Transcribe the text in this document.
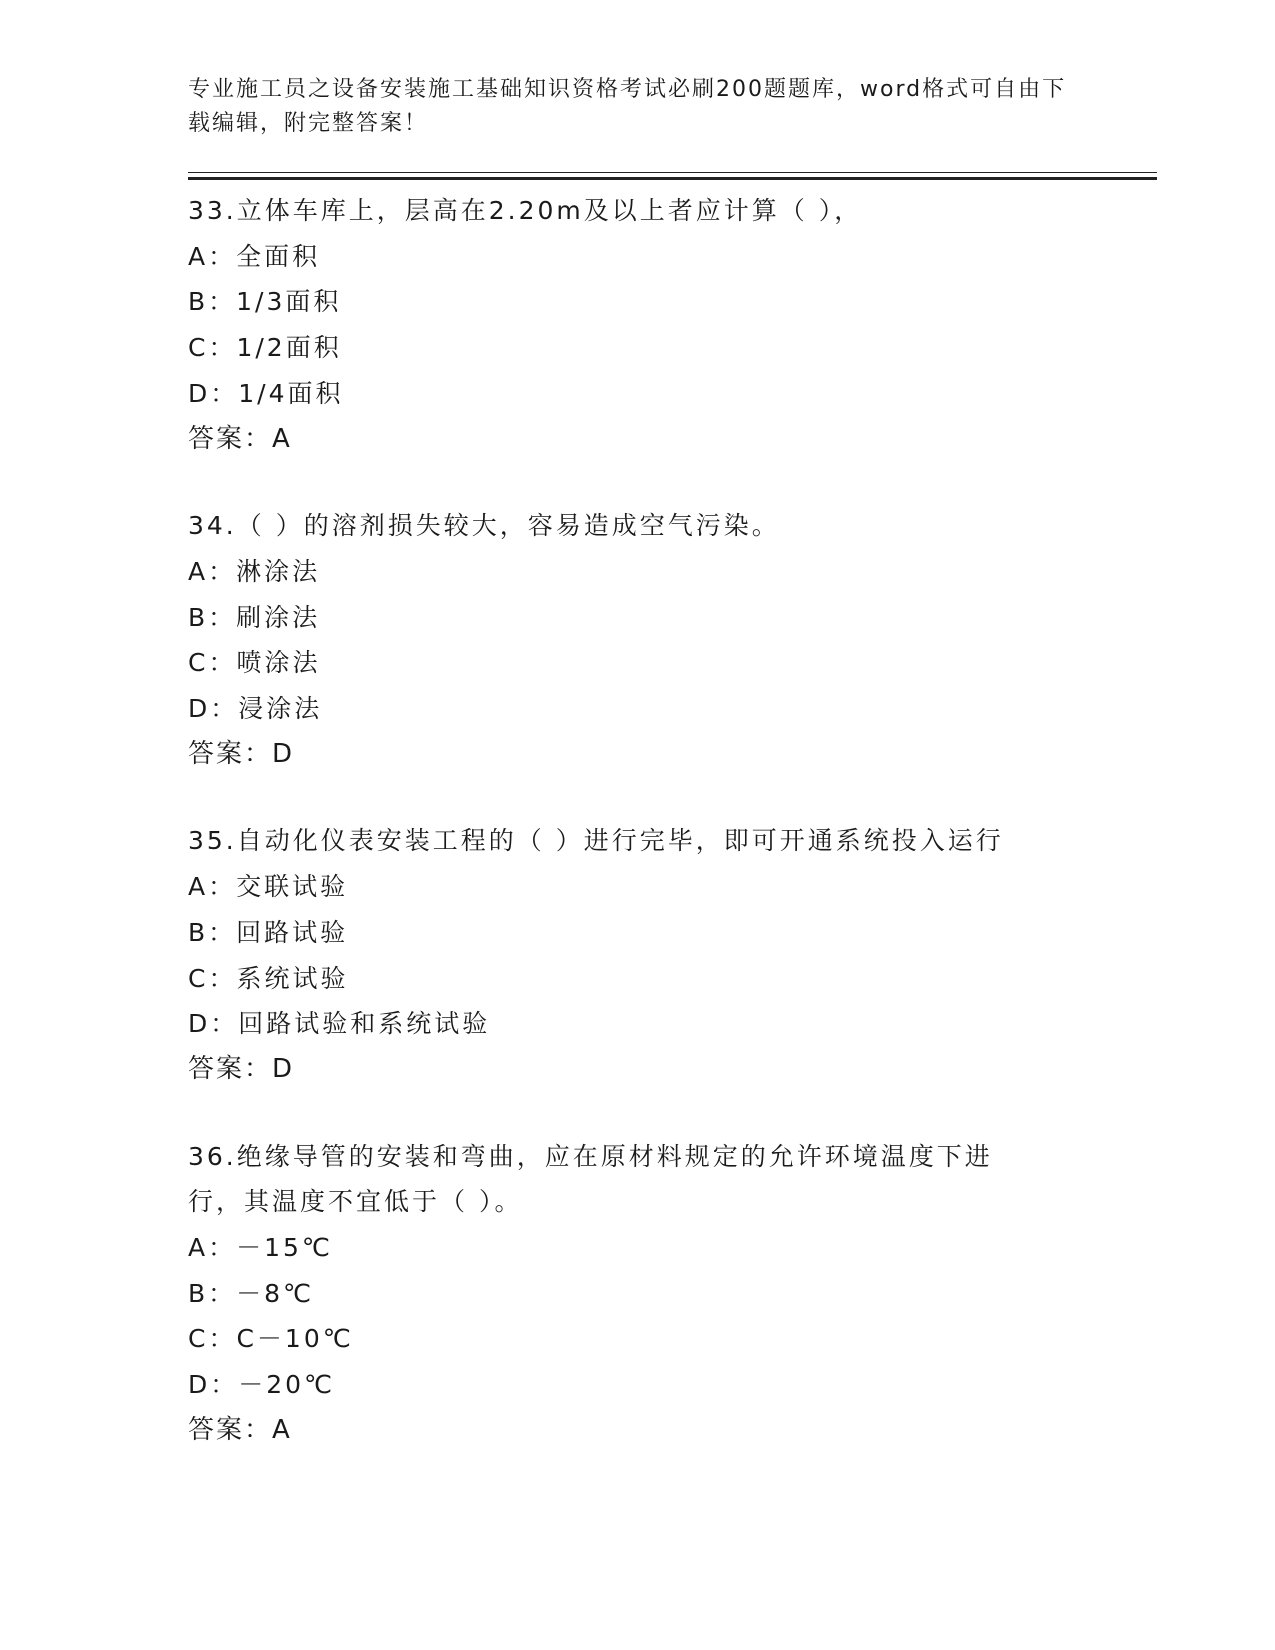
专业施工员之设备安装施工基础知识资格考试必刷200题题库，word格式可自由下载编辑，附完整答案！

33.立体车库上，层高在2.20m及以上者应计算（ ），

A：全面积

B：1/3面积

C：1/2面积

D：1/4面积

答案：A

34.（ ）的溶剂损失较大，容易造成空气污染。

A：淋涂法

B：刷涂法

C：喷涂法

D：浸涂法

答案：D

35.自动化仪表安装工程的（ ）进行完毕，即可开通系统投入运行

A：交联试验

B：回路试验

C：系统试验

D：回路试验和系统试验

答案：D

36.绝缘导管的安装和弯曲，应在原材料规定的允许环境温度下进行，其温度不宜低于（ ）。

A：－15℃

B：－8℃

C：C－10℃

D：－20℃

答案：A
